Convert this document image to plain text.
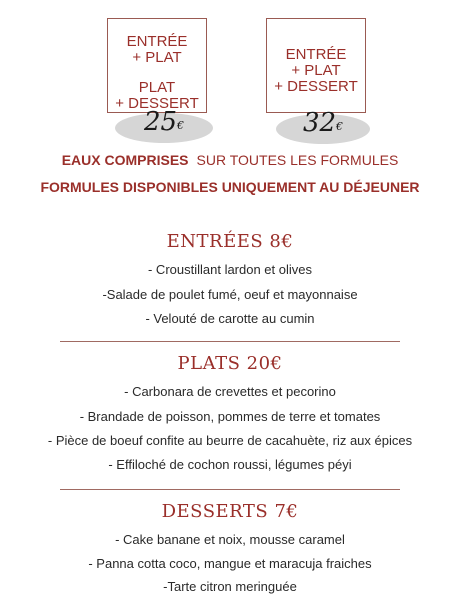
ENTRÉE
+ PLAT
PLAT
+ DESSERT
25€
ENTRÉE
+ PLAT
+ DESSERT
32€
EAUX COMPRISES SUR TOUTES LES FORMULES
FORMULES DISPONIBLES UNIQUEMENT AU DÉJEUNER
ENTRÉES 8€
- Croustillant lardon et olives
-Salade de poulet fumé, oeuf et mayonnaise
- Velouté de carotte au cumin
PLATS 20€
- Carbonara de crevettes et pecorino
- Brandade de poisson, pommes de terre et tomates
- Pièce de boeuf confite au beurre de cacahuète, riz aux épices
- Effiloché de cochon roussi, légumes péyi
DESSERTS 7€
- Cake banane et noix, mousse caramel
- Panna cotta coco, mangue et maracuja fraiches
-Tarte citron meringuée
